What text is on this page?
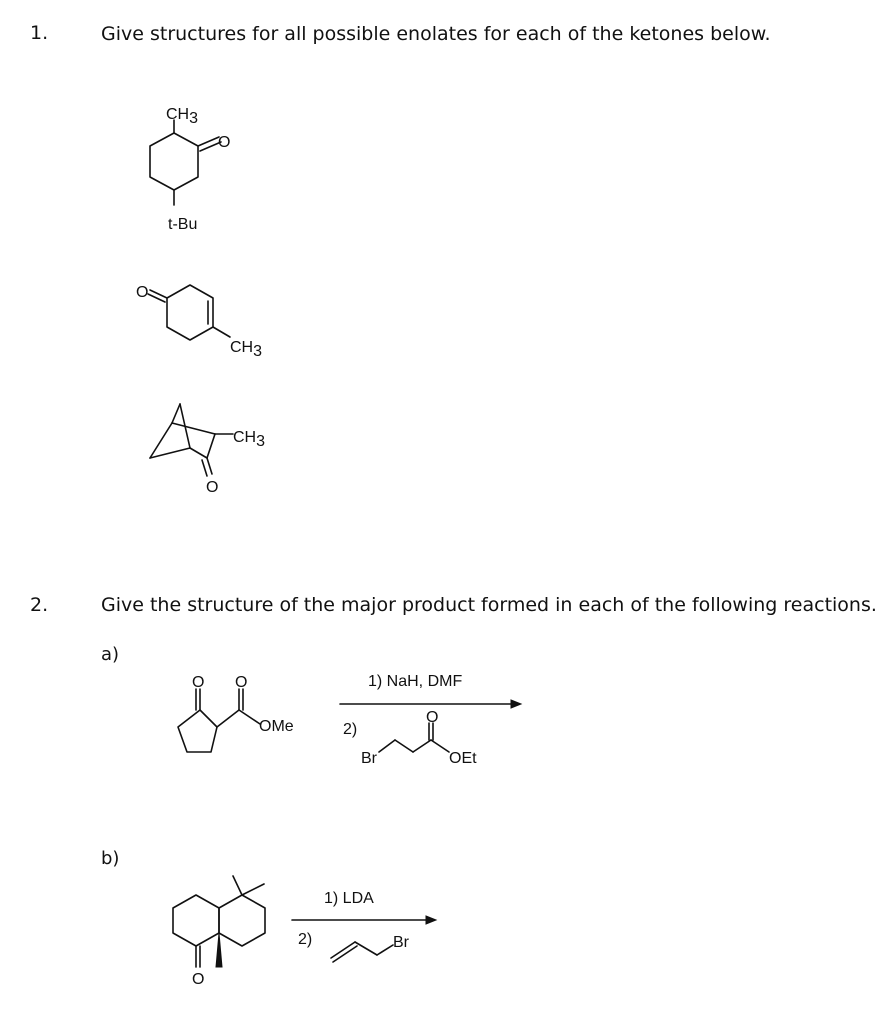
1.	Give structures for all possible enolates for each of the ketones below.
2.	Give the structure of the major product formed in each of the following reactions.
a)
b)
1) NaH, DMF
2)
1) LDA
2)
CH3
O
t-Bu
O
CH3
CH3
O
O O
OMe
Br
O
OEt
O
Br
